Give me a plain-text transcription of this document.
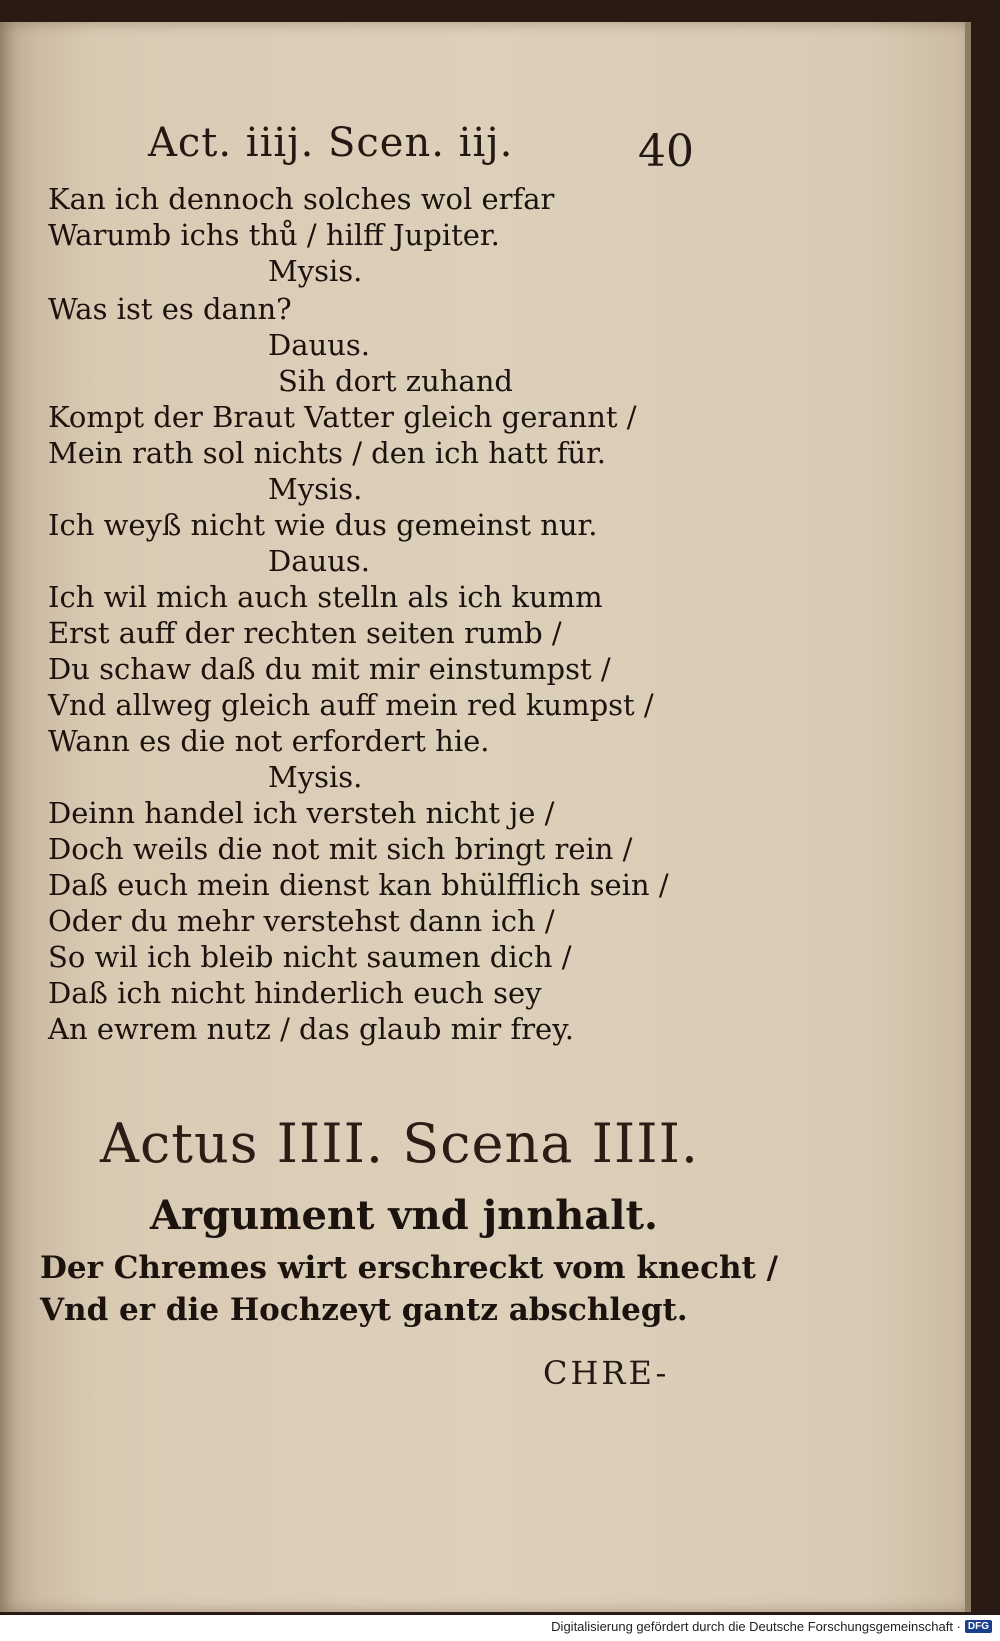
Act. iiij. Scen. iij.	40
Kan ich dennoch solches wol erfar
Warumb ichs thů / hilff Jupiter.
Mysis.
Was ist es dann?
Dauus.
Sih dort zuhand
Kompt der Braut Vatter gleich gerannt /
Mein rath sol nichts / den ich hatt für.
Mysis.
Ich weyß nicht wie dus gemeinst nur.
Dauus.
Ich wil mich auch stelln als ich kumm
Erst auff der rechten seiten rumb /
Du schaw daß du mit mir einstumpst /
Vnd allweg gleich auff mein red kumpst /
Wann es die not erfordert hie.
Mysis.
Deinn handel ich versteh nicht je /
Doch weils die not mit sich bringt rein /
Daß euch mein dienst kan bhülfflich sein /
Oder du mehr verstehst dann ich /
So wil ich bleib nicht saumen dich /
Daß ich nicht hinderlich euch sey
An ewrem nutz / das glaub mir frey.
Actus IIII. Scena IIII.
Argument vnd jnnhalt.
Der Chremes wirt erschreckt vom knecht /
Vnd er die Hochzeyt gantz abschlegt.
CHRE-
Digitalisierung gefördert durch die Deutsche Forschungsgemeinschaft · DFG
